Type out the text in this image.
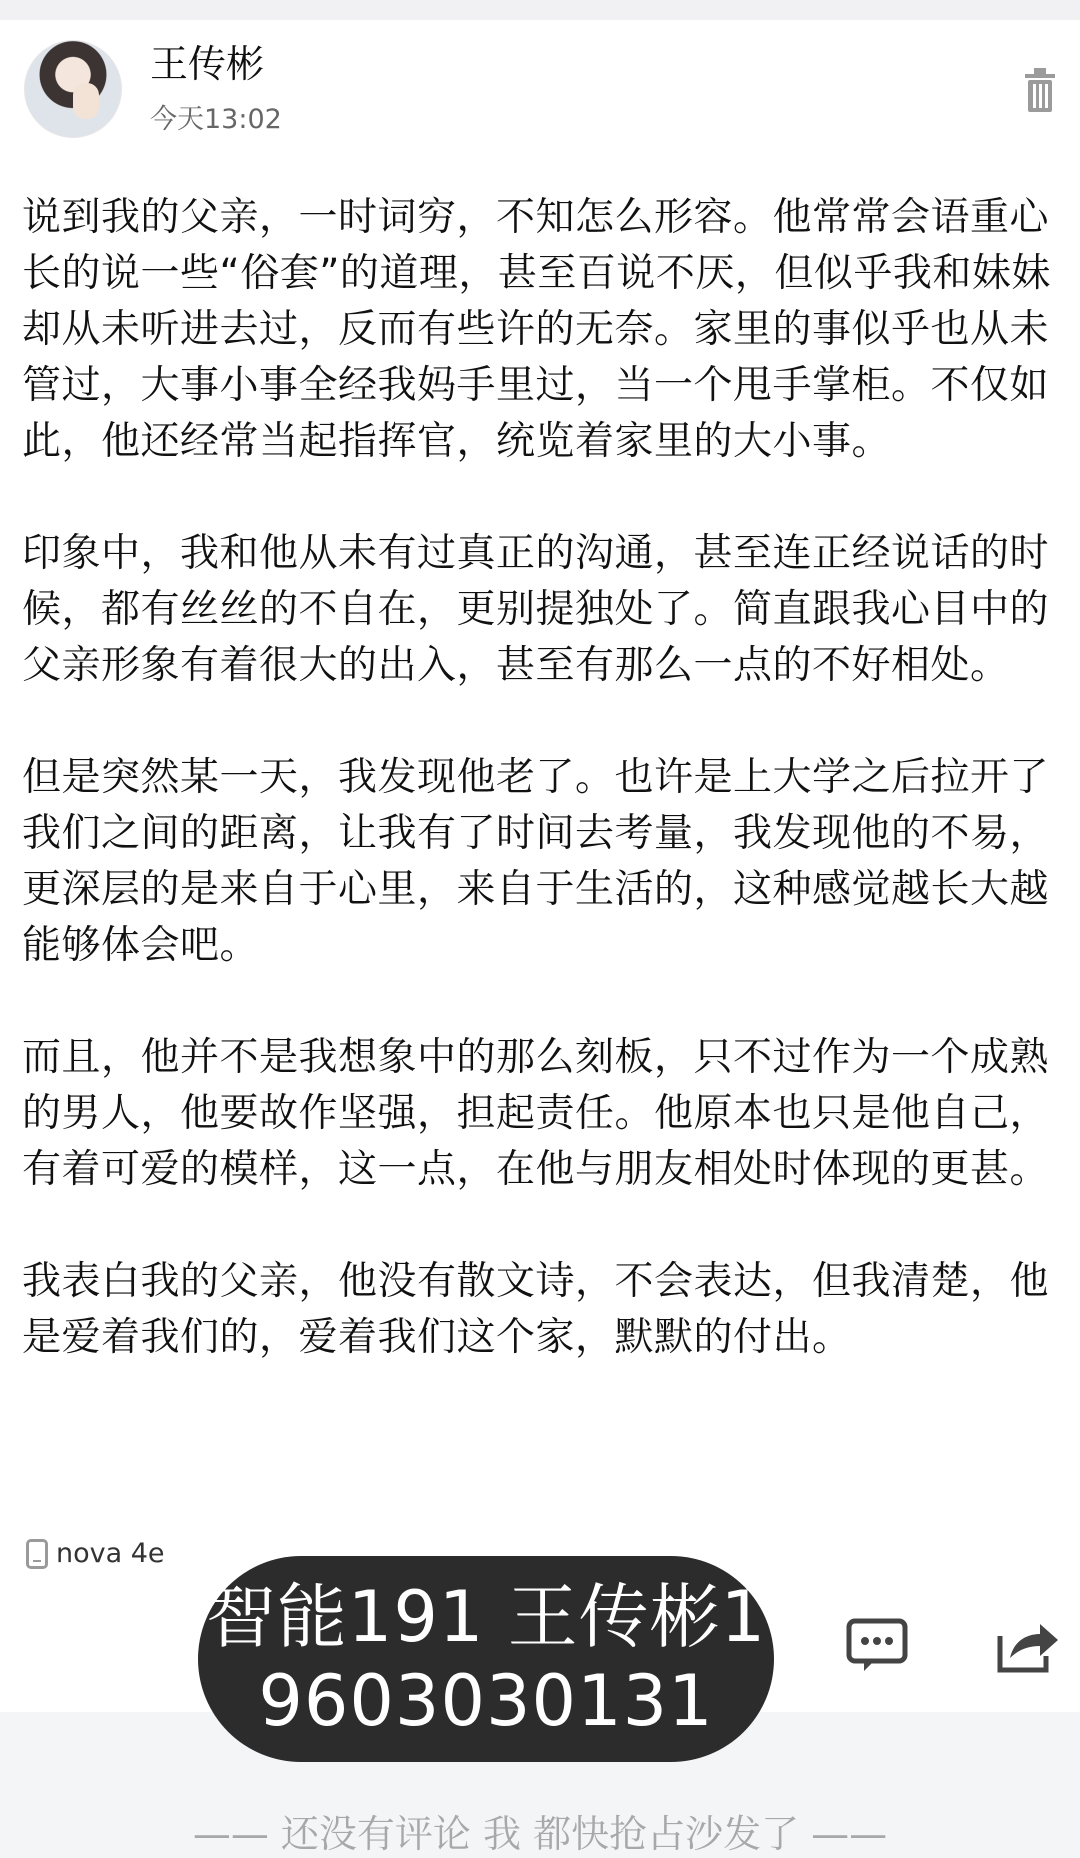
王传彬
今天13:02

说到我的父亲，一时词穷，不知怎么形容。他常常会语重心长的说一些“俗套”的道理，甚至百说不厌，但似乎我和妹妹却从未听进去过，反而有些许的无奈。家里的事似乎也从未管过，大事小事全经我妈手里过，当一个甩手掌柜。不仅如此，他还经常当起指挥官，统览着家里的大小事。

印象中，我和他从未有过真正的沟通，甚至连正经说话的时候，都有丝丝的不自在，更别提独处了。简直跟我心目中的父亲形象有着很大的出入，甚至有那么一点的不好相处。

但是突然某一天，我发现他老了。也许是上大学之后拉开了我们之间的距离，让我有了时间去考量，我发现他的不易，更深层的是来自于心里，来自于生活的，这种感觉越长大越能够体会吧。

而且，他并不是我想象中的那么刻板，只不过作为一个成熟的男人，他要故作坚强，担起责任。他原本也只是他自己，有着可爱的模样，这一点，在他与朋友相处时体现的更甚。

我表白我的父亲，他没有散文诗，不会表达，但我清楚，他是爱着我们的，爱着我们这个家，默默的付出。

nova 4e
智能191 王传彬1
9603030131
—— 还没有评论 我 都快抢占沙发了 ——
